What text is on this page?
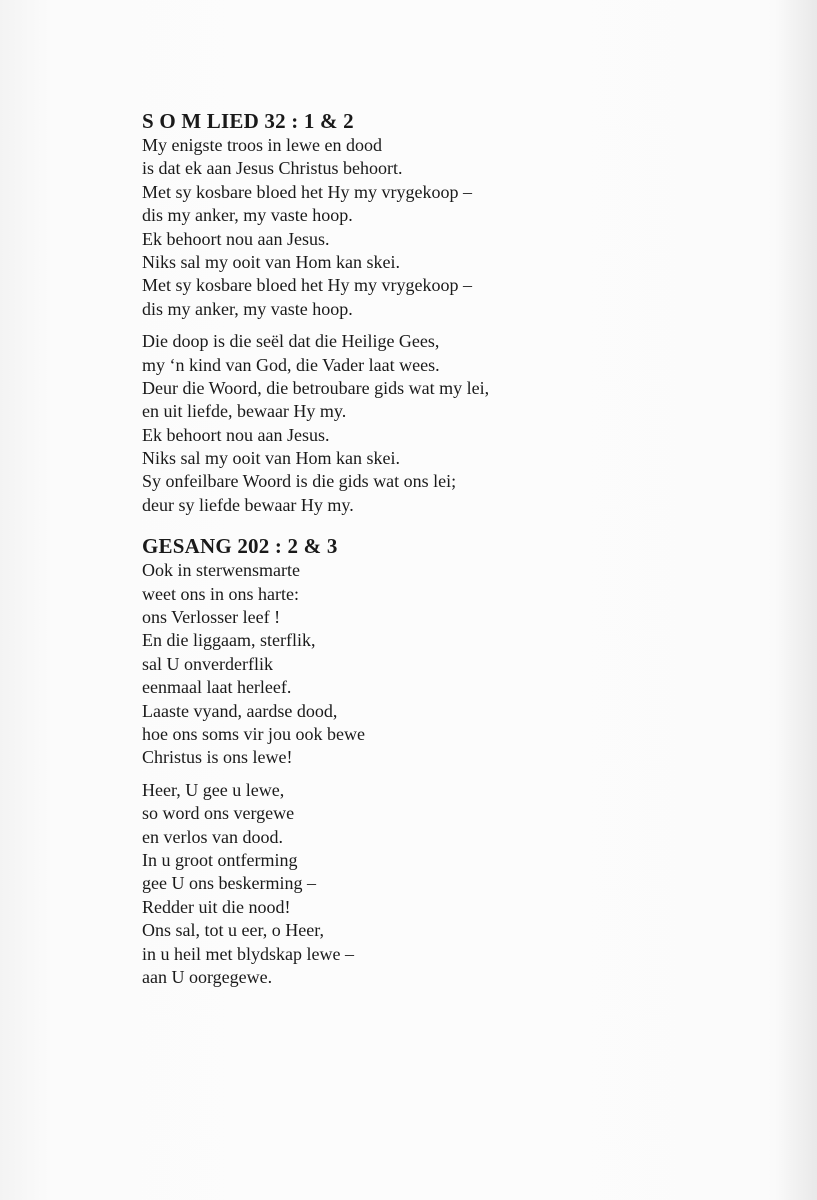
S O M LIED 32 : 1 & 2
My enigste troos in lewe en dood
is dat ek aan Jesus Christus behoort.
Met sy kosbare bloed het Hy my vrygekoop –
dis my anker, my vaste hoop.
Ek behoort nou aan Jesus.
Niks sal my ooit van Hom kan skei.
Met sy kosbare bloed het Hy my vrygekoop –
dis my anker, my vaste hoop.
Die doop is die seël dat die Heilige Gees,
my ‘n kind van God, die Vader laat wees.
Deur die Woord, die betroubare gids wat my lei,
en uit liefde, bewaar Hy my.
Ek behoort nou aan Jesus.
Niks sal my ooit van Hom kan skei.
Sy onfeilbare Woord is die gids wat ons lei;
deur sy liefde bewaar Hy my.
GESANG 202 : 2 & 3
Ook in sterwensmarte
weet ons in ons harte:
ons Verlosser leef !
En die liggaam, sterflik,
sal U onverderflik
eenmaal laat herleef.
Laaste vyand, aardse dood,
hoe ons soms vir jou ook bewe
Christus is ons lewe!
Heer, U gee u lewe,
so word ons vergewe
en verlos van dood.
In u groot ontferming
gee U ons beskerming –
Redder uit die nood!
Ons sal, tot u eer, o Heer,
in u heil met blydskap lewe –
aan U oorgegewe.
